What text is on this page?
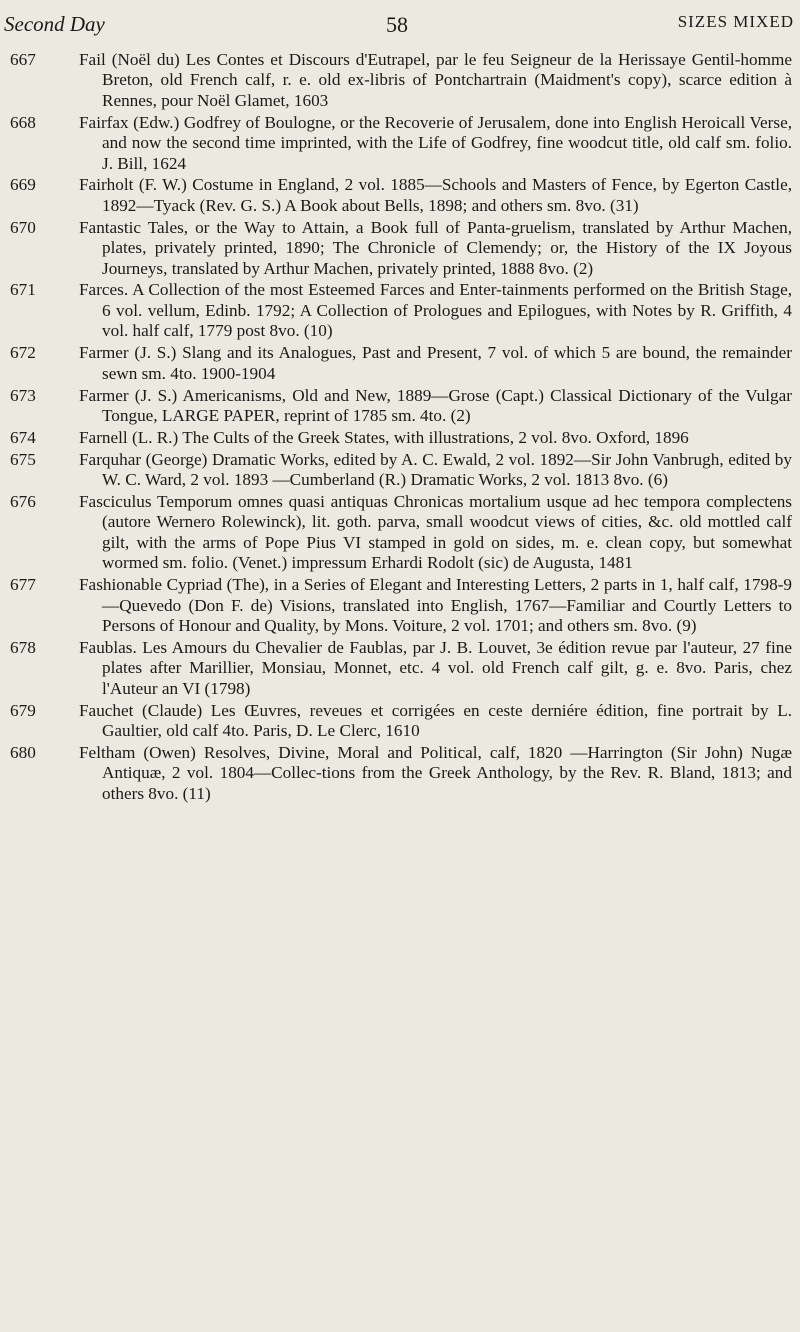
Second Day	58	SIZES MIXED
667	Fail (Noël du) Les Contes et Discours d'Eutrapel, par le feu Seigneur de la Herissaye Gentil-homme Breton, old French calf, r. e. old ex-libris of Pontchartrain (Maidment's copy), scarce edition à Rennes, pour Noël Glamet, 1603
668	Fairfax (Edw.) Godfrey of Boulogne, or the Recoverie of Jerusalem, done into English Heroicall Verse, and now the second time imprinted, with the Life of Godfrey, fine woodcut title, old calf sm. folio. J. Bill, 1624
669	Fairholt (F. W.) Costume in England, 2 vol. 1885—Schools and Masters of Fence, by Egerton Castle, 1892—Tyack (Rev. G. S.) A Book about Bells, 1898; and others sm. 8vo. (31)
670	Fantastic Tales, or the Way to Attain, a Book full of Panta-gruelism, translated by Arthur Machen, plates, privately printed, 1890; The Chronicle of Clemendy; or, the History of the IX Joyous Journeys, translated by Arthur Machen, privately printed, 1888 8vo. (2)
671	Farces. A Collection of the most Esteemed Farces and Enter-tainments performed on the British Stage, 6 vol. vellum, Edinb. 1792; A Collection of Prologues and Epilogues, with Notes by R. Griffith, 4 vol. half calf, 1779 post 8vo. (10)
672	Farmer (J. S.) Slang and its Analogues, Past and Present, 7 vol. of which 5 are bound, the remainder sewn sm. 4to. 1900-1904
673	Farmer (J. S.) Americanisms, Old and New, 1889—Grose (Capt.) Classical Dictionary of the Vulgar Tongue, LARGE PAPER, reprint of 1785 sm. 4to. (2)
674	Farnell (L. R.) The Cults of the Greek States, with illustrations, 2 vol. 8vo. Oxford, 1896
675	Farquhar (George) Dramatic Works, edited by A. C. Ewald, 2 vol. 1892—Sir John Vanbrugh, edited by W. C. Ward, 2 vol. 1893 —Cumberland (R.) Dramatic Works, 2 vol. 1813 8vo. (6)
676	Fasciculus Temporum omnes quasi antiquas Chronicas mortalium usque ad hec tempora complectens (autore Wernero Rolewinck), lit. goth. parva, small woodcut views of cities, &c. old mottled calf gilt, with the arms of Pope Pius VI stamped in gold on sides, m. e. clean copy, but somewhat wormed sm. folio. (Venet.) impressum Erhardi Rodolt (sic) de Augusta, 1481
677	Fashionable Cypriad (The), in a Series of Elegant and Interesting Letters, 2 parts in 1, half calf, 1798-9—Quevedo (Don F. de) Visions, translated into English, 1767—Familiar and Courtly Letters to Persons of Honour and Quality, by Mons. Voiture, 2 vol. 1701; and others sm. 8vo. (9)
678	Faublas. Les Amours du Chevalier de Faublas, par J. B. Louvet, 3e édition revue par l'auteur, 27 fine plates after Marillier, Monsiau, Monnet, etc. 4 vol. old French calf gilt, g. e. 8vo. Paris, chez l'Auteur an VI (1798)
679	Fauchet (Claude) Les Œuvres, reveues et corrigées en ceste derniére édition, fine portrait by L. Gaultier, old calf 4to. Paris, D. Le Clerc, 1610
680	Feltham (Owen) Resolves, Divine, Moral and Political, calf, 1820 —Harrington (Sir John) Nugæ Antiquæ, 2 vol. 1804—Collec-tions from the Greek Anthology, by the Rev. R. Bland, 1813; and others 8vo. (11)
